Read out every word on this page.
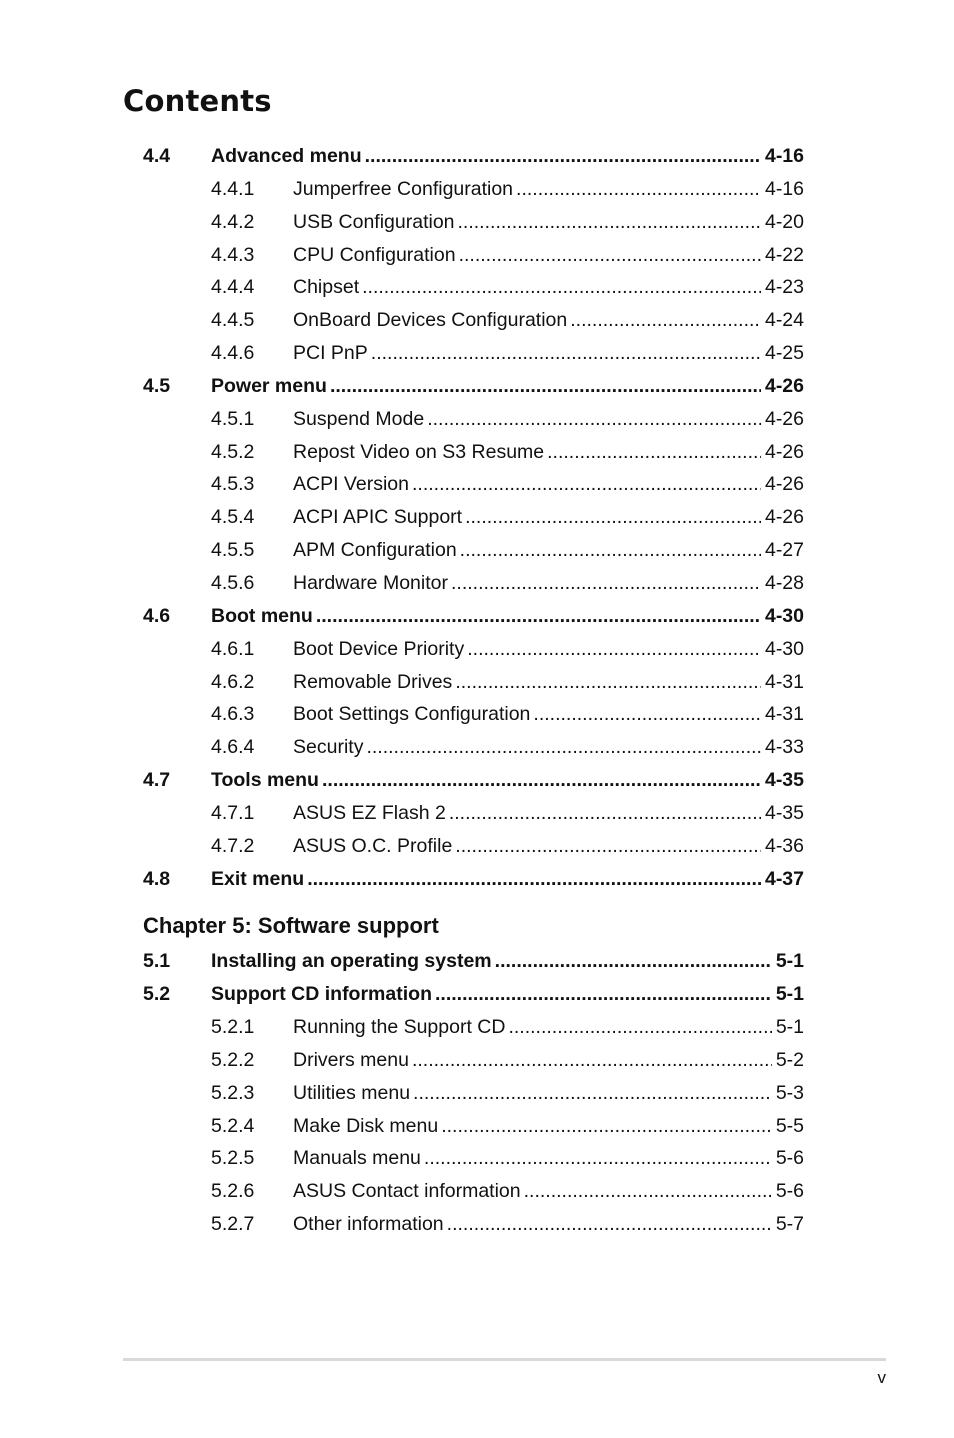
Contents
4.4	Advanced menu .....	4-16
4.4.1	Jumperfree Configuration .....	4-16
4.4.2	USB Configuration .....	4-20
4.4.3	CPU Configuration .....	4-22
4.4.4	Chipset .....	4-23
4.4.5	OnBoard Devices Configuration .....	4-24
4.4.6	PCI PnP .....	4-25
4.5	Power menu .....	4-26
4.5.1	Suspend Mode .....	4-26
4.5.2	Repost Video on S3 Resume .....	4-26
4.5.3	ACPI Version .....	4-26
4.5.4	ACPI APIC Support .....	4-26
4.5.5	APM Configuration .....	4-27
4.5.6	Hardware Monitor .....	4-28
4.6	Boot menu .....	4-30
4.6.1	Boot Device Priority .....	4-30
4.6.2	Removable Drives .....	4-31
4.6.3	Boot Settings Configuration .....	4-31
4.6.4	Security .....	4-33
4.7	Tools menu .....	4-35
4.7.1	ASUS EZ Flash 2 .....	4-35
4.7.2	ASUS O.C. Profile .....	4-36
4.8	Exit menu .....	4-37
Chapter 5: Software support
5.1	Installing an operating system .....	5-1
5.2	Support CD information .....	5-1
5.2.1	Running the Support CD .....	5-1
5.2.2	Drivers menu .....	5-2
5.2.3	Utilities menu .....	5-3
5.2.4	Make Disk menu .....	5-5
5.2.5	Manuals menu .....	5-6
5.2.6	ASUS Contact information .....	5-6
5.2.7	Other information .....	5-7
v
